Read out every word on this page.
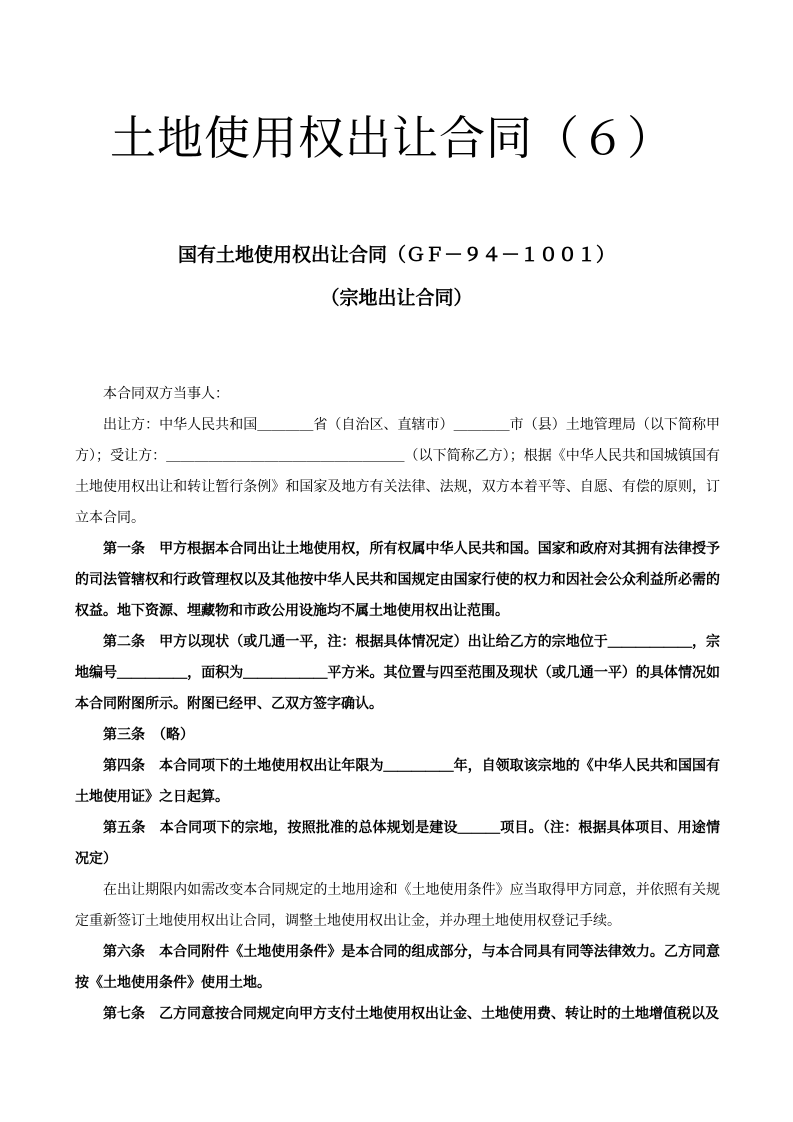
土地使用权出让合同（６）
国有土地使用权出让合同（ＧＦ－９４－１００１）
（宗地出让合同）

本合同双方当事人：

出让方：中华人民共和国＿＿＿＿省（自治区、直辖市）＿＿＿＿市（县）土地管理局（以下简称甲方）；受让方：＿＿＿＿＿＿＿＿＿＿＿＿＿＿＿＿＿（以下简称乙方）；根据《中华人民共和国城镇国有土地使用权出让和转让暂行条例》和国家及地方有关法律、法规，双方本着平等、自愿、有偿的原则，订立本合同。

第一条　甲方根据本合同出让土地使用权，所有权属中华人民共和国。国家和政府对其拥有法律授予的司法管辖权和行政管理权以及其他按中华人民共和国规定由国家行使的权力和因社会公众利益所必需的权益。地下资源、埋藏物和市政公用设施均不属土地使用权出让范围。

第二条　甲方以现状（或几通一平，注：根据具体情况定）出让给乙方的宗地位于＿＿＿＿＿＿，宗地编号＿＿＿＿＿，面积为＿＿＿＿＿＿平方米。其位置与四至范围及现状（或几通一平）的具体情况如本合同附图所示。附图已经甲、乙双方签字确认。

第三条　（略）

第四条　本合同项下的土地使用权出让年限为＿＿＿＿＿年，自领取该宗地的《中华人民共和国国有土地使用证》之日起算。

第五条　本合同项下的宗地，按照批准的总体规划是建设＿＿＿项目。（注：根据具体项目、用途情况定）

在出让期限内如需改变本合同规定的土地用途和《土地使用条件》应当取得甲方同意，并依照有关规定重新签订土地使用权出让合同，调整土地使用权出让金，并办理土地使用权登记手续。

第六条　本合同附件《土地使用条件》是本合同的组成部分，与本合同具有同等法律效力。乙方同意按《土地使用条件》使用土地。

第七条　乙方同意按合同规定向甲方支付土地使用权出让金、土地使用费、转让时的土地增值税以及
